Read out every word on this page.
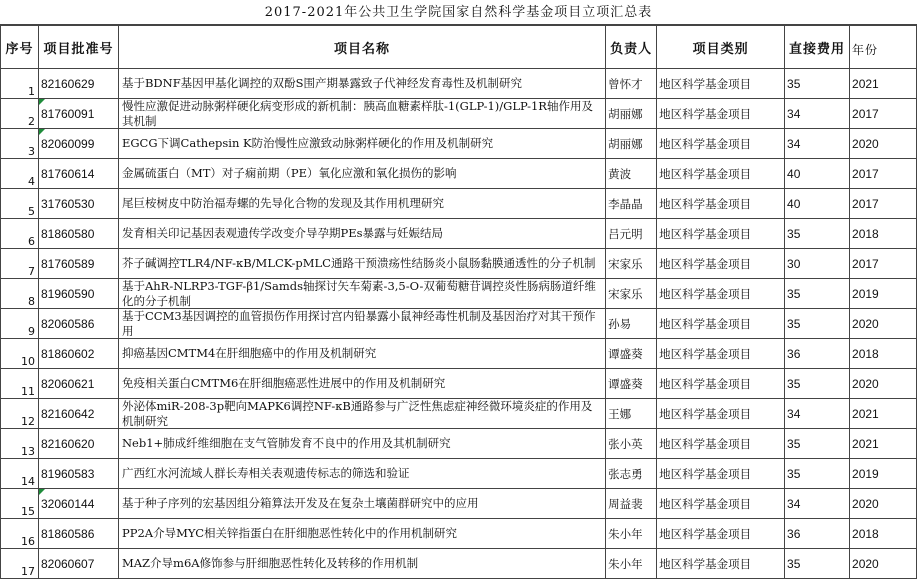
2017-2021年公共卫生学院国家自然科学基金项目立项汇总表
序号	项目批准号	项目名称	负责人	项目类别	直接费用	年份
1	82160629	基于BDNF基因甲基化调控的双酚S围产期暴露致子代神经发育毒性及机制研究	曾怀才	地区科学基金项目	35	2021
2	81760091	慢性应激促进动脉粥样硬化病变形成的新机制：胰高血糖素样肽-1(GLP-1)/GLP-1R轴作用及其机制	胡丽娜	地区科学基金项目	34	2017
3	82060099	EGCG下调Cathepsin K防治慢性应激致动脉粥样硬化的作用及机制研究	胡丽娜	地区科学基金项目	34	2020
4	81760614	金属硫蛋白（MT）对子痫前期（PE）氧化应激和氧化损伤的影响	黄波	地区科学基金项目	40	2017
5	31760530	尾巨桉树皮中防治福寿螺的先导化合物的发现及其作用机理研究	李晶晶	地区科学基金项目	40	2017
6	81860580	发育相关印记基因表观遗传学改变介导孕期PEs暴露与妊娠结局	吕元明	地区科学基金项目	35	2018
7	81760589	芥子碱调控TLR4/NF-κB/MLCK-pMLC通路干预溃疡性结肠炎小鼠肠黏膜通透性的分子机制	宋家乐	地区科学基金项目	30	2017
8	81960590	基于AhR-NLRP3-TGF-β1/Samds轴探讨矢车菊素-3,5-O-双葡萄糖苷调控炎性肠病肠道纤维化的分子机制	宋家乐	地区科学基金项目	35	2019
9	82060586	基于CCM3基因调控的血管损伤作用探讨宫内铅暴露小鼠神经毒性机制及基因治疗对其干预作用	孙易	地区科学基金项目	35	2020
10	81860602	抑癌基因CMTM4在肝细胞癌中的作用及机制研究	谭盛葵	地区科学基金项目	36	2018
11	82060621	免疫相关蛋白CMTM6在肝细胞癌恶性进展中的作用及机制研究	谭盛葵	地区科学基金项目	35	2020
12	82160642	外泌体miR-208-3p靶向MAPK6调控NF-κB通路参与广泛性焦虑症神经微环境炎症的作用及机制研究	王娜	地区科学基金项目	34	2021
13	82160620	Neb1+肺成纤维细胞在支气管肺发育不良中的作用及其机制研究	张小英	地区科学基金项目	35	2021
14	81960583	广西红水河流域人群长寿相关表观遗传标志的筛选和验证	张志勇	地区科学基金项目	35	2019
15	32060144	基于种子序列的宏基因组分箱算法开发及在复杂土壤菌群研究中的应用	周益裴	地区科学基金项目	34	2020
16	81860586	PP2A介导MYC相关锌指蛋白在肝细胞恶性转化中的作用机制研究	朱小年	地区科学基金项目	36	2018
17	82060607	MAZ介导m6A修饰参与肝细胞恶性转化及转移的作用机制	朱小年	地区科学基金项目	35	2020
